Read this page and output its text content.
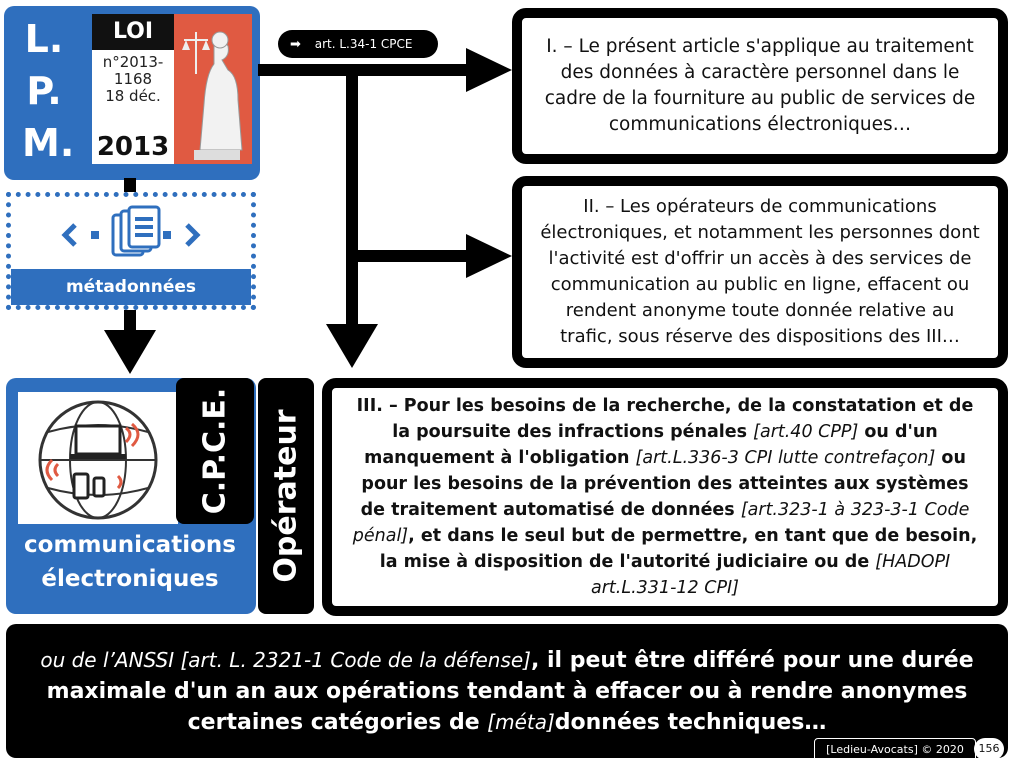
L.
P.
M.
LOI
n°2013-
1168
18 déc.
2013
métadonnées
➡ art. L.34-1 CPCE	I. – Le présent article s'applique au traitement des données à caractère personnel dans le cadre de la fourniture au public de services de communications électroniques…
II. – Les opérateurs de communications électroniques, et notamment les personnes dont l'activité est d'offrir un accès à des services de communication au public en ligne, effacent ou rendent anonyme toute donnée relative au trafic, sous réserve des dispositions des III…
III. – Pour les besoins de la recherche, de la constatation et de la poursuite des infractions pénales [art.40 CPP] ou d'un manquement à l'obligation [art.L.336-3 CPI lutte contrefaçon] ou pour les besoins de la prévention des atteintes aux systèmes de traitement automatisé de données [art.323-1 à 323-3-1 Code pénal], et dans le seul but de permettre, en tant que de besoin, la mise à disposition de l'autorité judiciaire ou de [HADOPI art.L.331-12 CPI]
communications
électroniques
C.P.C.E. Opérateur
ou de l’ANSSI [art. L. 2321-1 Code de la défense], il peut être différé pour une durée maximale d'un an aux opérations tendant à effacer ou à rendre anonymes certaines catégories de [méta]données techniques…
[Ledieu-Avocats] © 2020	156
